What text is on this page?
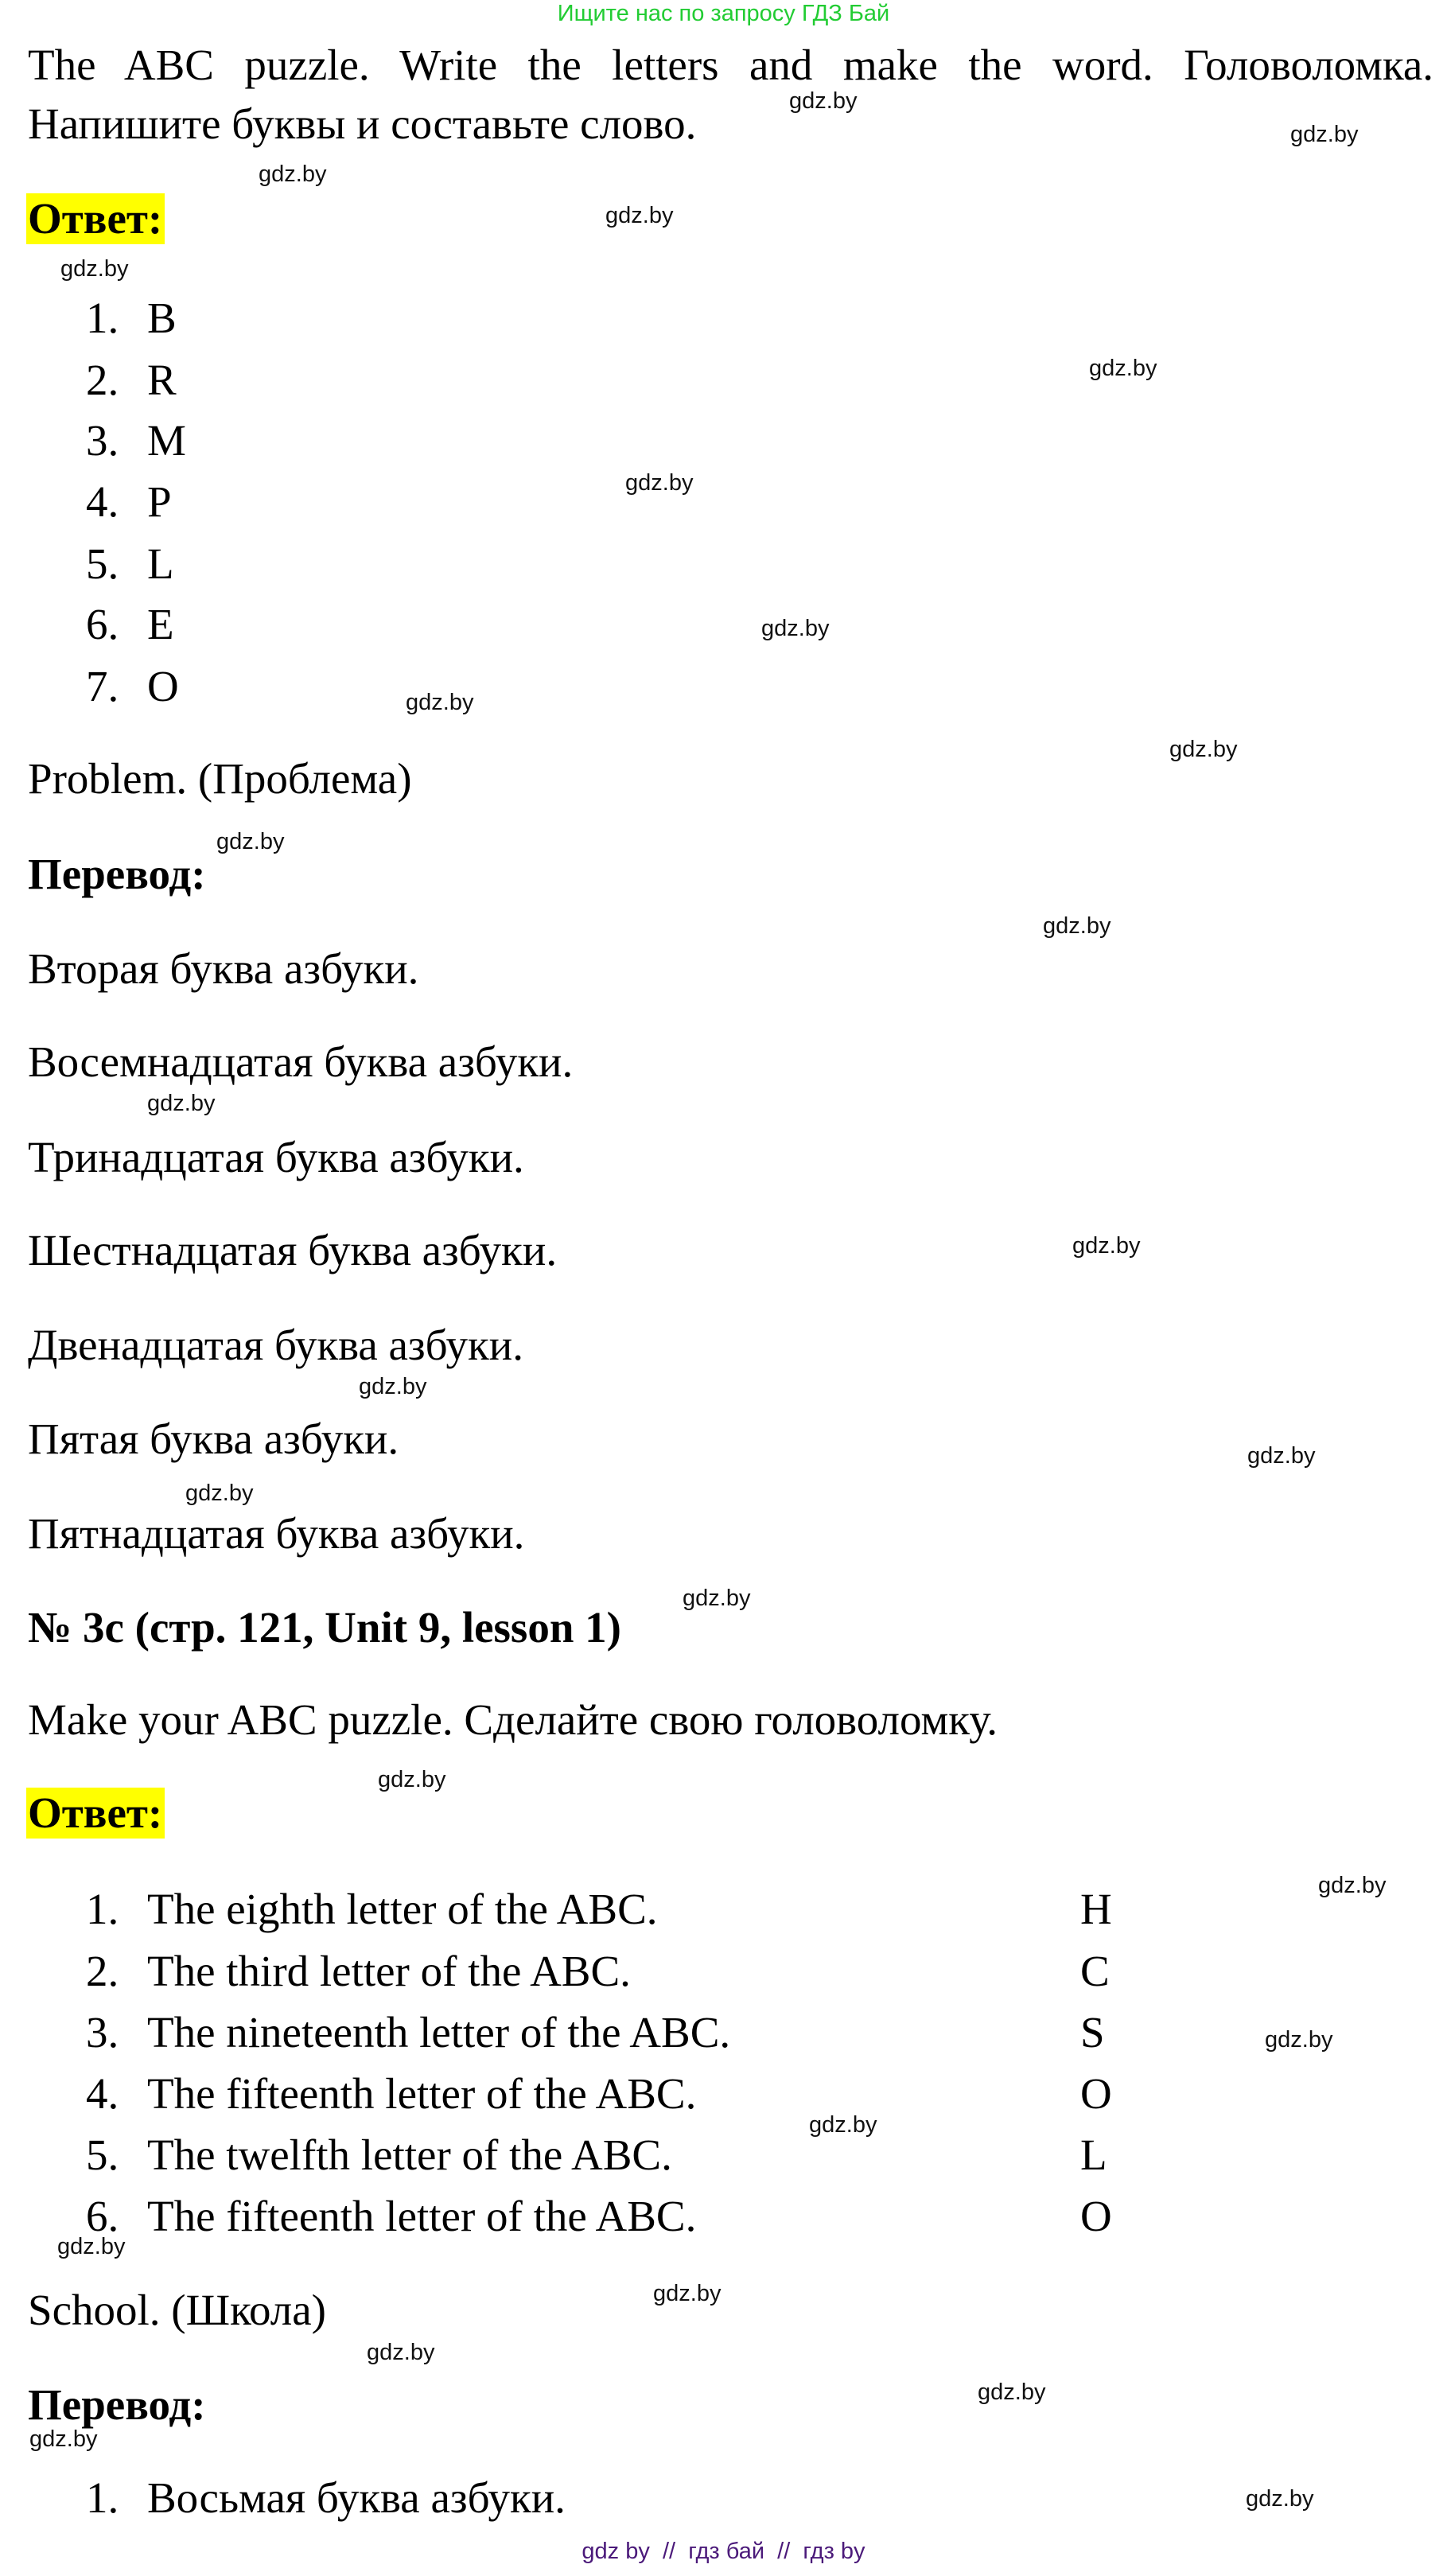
Ищите нас по запросу ГДЗ Бай
The ABC puzzle. Write the letters and make the word. Головоломка. Напишите буквы и составьте слово.
Ответ:
1. B
2. R
3. M
4. P
5. L
6. E
7. O
Problem. (Проблема)
Перевод:
Вторая буква азбуки.
Восемнадцатая буква азбуки.
Тринадцатая буква азбуки.
Шестнадцатая буква азбуки.
Двенадцатая буква азбуки.
Пятая буква азбуки.
Пятнадцатая буква азбуки.
№ 3c (стр. 121, Unit 9, lesson 1)
Make your ABC puzzle. Сделайте свою головоломку.
Ответ:
1. The eighth letter of the ABC.	H
2. The third letter of the ABC.	C
3. The nineteenth letter of the ABC.	S
4. The fifteenth letter of the ABC.	O
5. The twelfth letter of the ABC.	L
6. The fifteenth letter of the ABC.	O
School. (Школа)
Перевод:
1. Восьмая буква азбуки.
gdz.by
gdz.by
gdz.by
gdz.by
gdz.by
gdz.by
gdz.by
gdz.by
gdz.by
gdz.by
gdz.by
gdz.by
gdz.by
gdz.by
gdz.by
gdz.by
gdz.by
gdz.by
gdz.by
gdz.by
gdz.by
gdz.by
gdz.by
gdz.by
gdz.by
gdz.by
gdz.by
gdz.by
gdz by  //  гдз бай  //  гдз by
